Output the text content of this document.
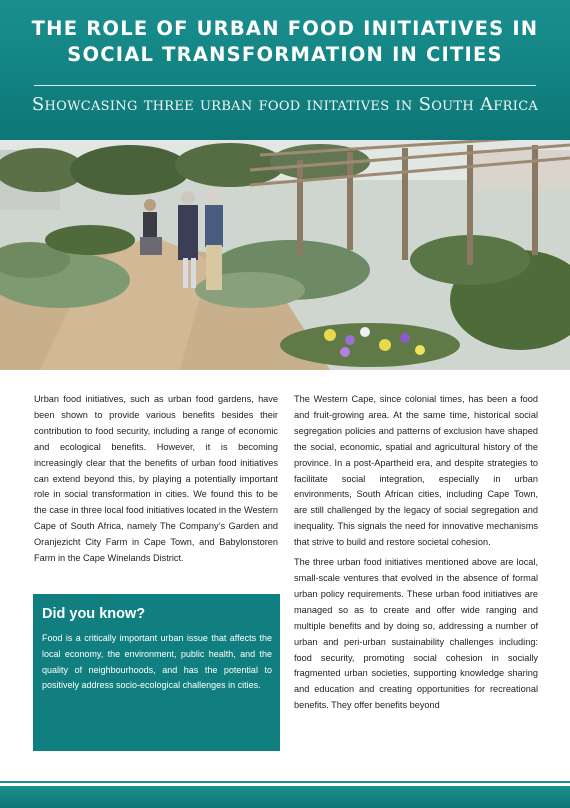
THE ROLE OF URBAN FOOD INITIATIVES IN SOCIAL TRANSFORMATION IN CITIES
Showcasing three urban food initatives in South Africa

Urban food initiatives, such as urban food gardens, have been shown to provide various benefits besides their contribution to food security, including a range of economic and ecological benefits. However, it is becoming increasingly clear that the benefits of urban food initiatives can extend beyond this, by playing a potentially important role in social transformation in cities. We found this to be the case in three local food initiatives located in the Western Cape of South Africa, namely The Company’s Garden and Oranjezicht City Farm in Cape Town, and Babylonstoren Farm in the Cape Winelands District.

Did you know?

Food is a critically important urban issue that affects the local economy, the environment, public health, and the quality of neighbourhoods, and has the potential to positively address socio-ecological challenges in cities.

The Western Cape, since colonial times, has been a food and fruit-growing area. At the same time, historical social segregation policies and patterns of exclusion have shaped the social, economic, spatial and agricultural history of the province. In a post-Apartheid era, and despite strategies to facilitate social integration, especially in urban environments, South African cities, including Cape Town, are still challenged by the legacy of social segregation and inequality. This signals the need for innovative mechanisms that strive to build and restore societal cohesion.

The three urban food initiatives mentioned above are local, small-scale ventures that evolved in the absence of formal urban policy requirements. These urban food initiatives are managed so as to create and offer wide ranging and multiple benefits and by doing so, addressing a number of urban and peri-urban sustainability challenges including: food security, promoting social cohesion in socially fragmented urban societies, supporting knowledge sharing and education and creating opportunities for recreational benefits. They offer benefits beyond
